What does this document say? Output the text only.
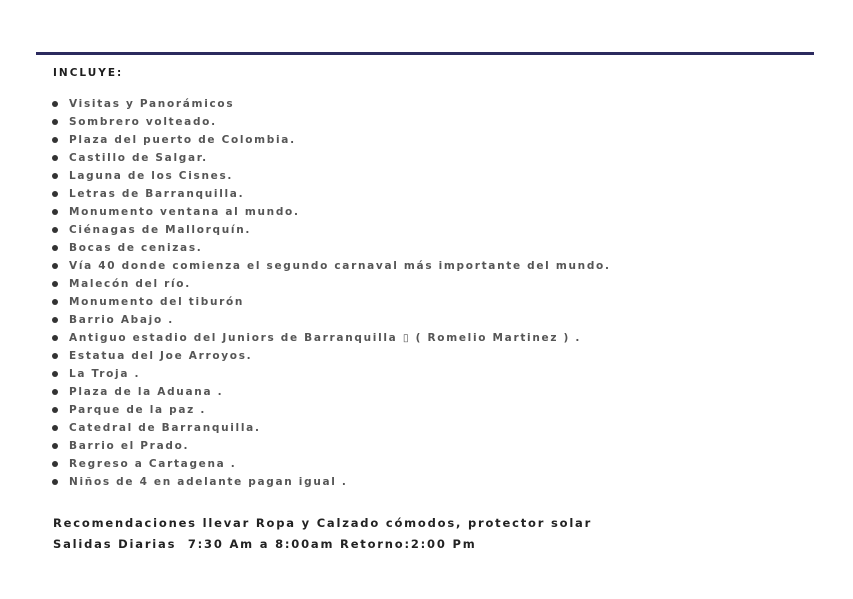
INCLUYE:
Visitas y Panorámicos
Sombrero volteado.
Plaza del puerto de Colombia.
Castillo de Salgar.
Laguna de los Cisnes.
Letras de Barranquilla.
Monumento ventana al mundo.
Ciénagas de Mallorquín.
Bocas de cenizas.
Vía 40 donde comienza el segundo carnaval más importante del mundo.
Malecón del río.
Monumento del tiburón
Barrio Abajo .
Antiguo estadio del Juniors de Barranquilla ▯ ( Romelio Martinez ) .
Estatua del Joe Arroyos.
La Troja .
Plaza de la Aduana .
Parque de la paz .
Catedral de Barranquilla.
Barrio el Prado.
Regreso a Cartagena .
Niños de 4 en adelante pagan igual .
Recomendaciones llevar Ropa y Calzado cómodos, protector solar
Salidas Diarias  7:30 Am a 8:00am Retorno:2:00 Pm
